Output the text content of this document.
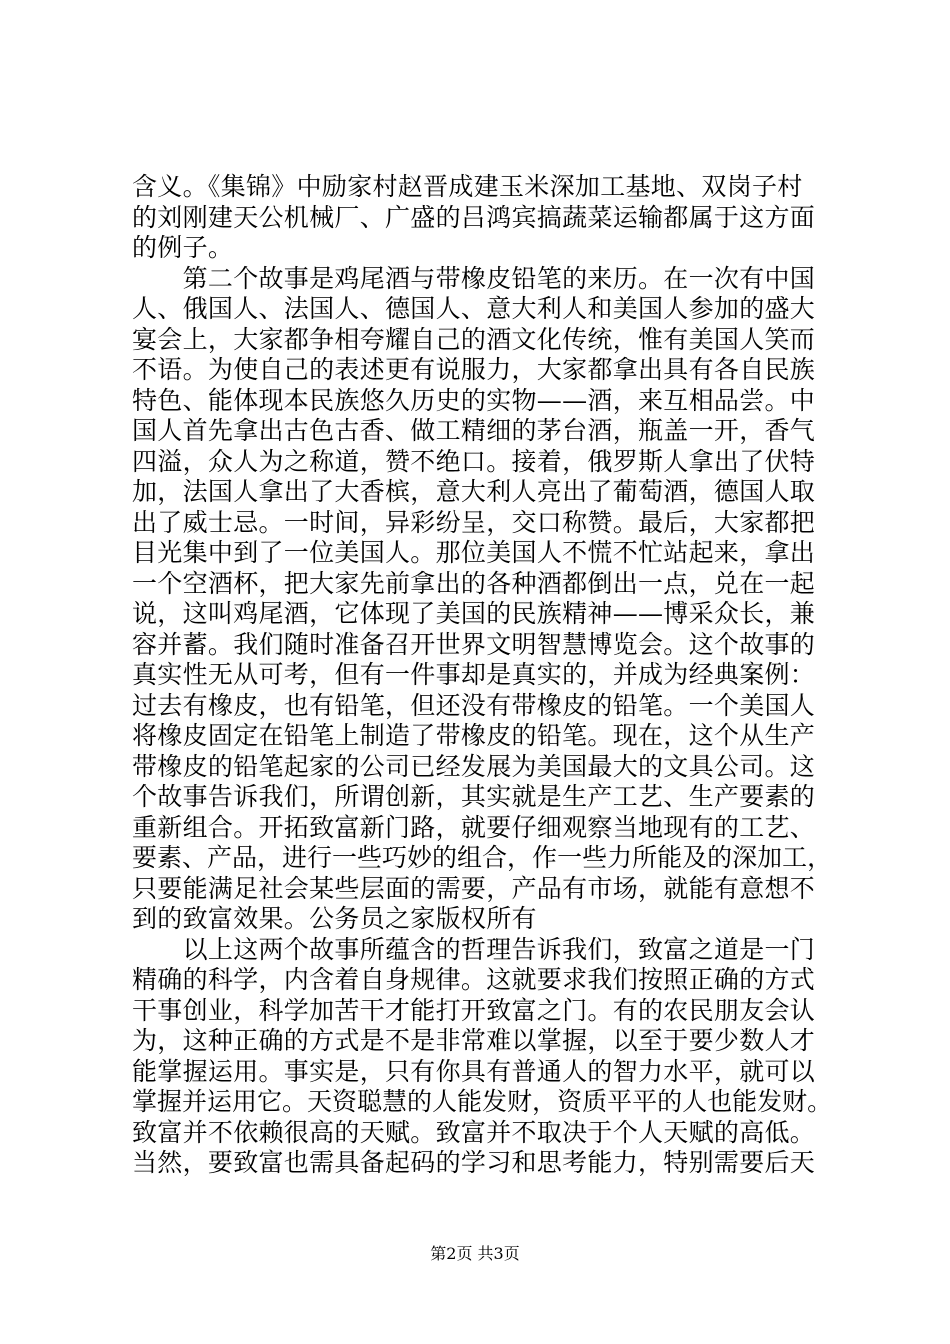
含义。《集锦》中励家村赵晋成建玉米深加工基地、双岗子村
的刘刚建天公机械厂、广盛的吕鸿宾搞蔬菜运输都属于这方面
的例子。
　　第二个故事是鸡尾酒与带橡皮铅笔的来历。在一次有中国
人、俄国人、法国人、德国人、意大利人和美国人参加的盛大
宴会上，大家都争相夸耀自己的酒文化传统，惟有美国人笑而
不语。为使自己的表述更有说服力，大家都拿出具有各自民族
特色、能体现本民族悠久历史的实物——酒，来互相品尝。中
国人首先拿出古色古香、做工精细的茅台酒，瓶盖一开，香气
四溢，众人为之称道，赞不绝口。接着，俄罗斯人拿出了伏特
加，法国人拿出了大香槟，意大利人亮出了葡萄酒，德国人取
出了威士忌。一时间，异彩纷呈，交口称赞。最后，大家都把
目光集中到了一位美国人。那位美国人不慌不忙站起来，拿出
一个空酒杯，把大家先前拿出的各种酒都倒出一点，兑在一起
说，这叫鸡尾酒，它体现了美国的民族精神——博采众长，兼
容并蓄。我们随时准备召开世界文明智慧博览会。这个故事的
真实性无从可考，但有一件事却是真实的，并成为经典案例：
过去有橡皮，也有铅笔，但还没有带橡皮的铅笔。一个美国人
将橡皮固定在铅笔上制造了带橡皮的铅笔。现在，这个从生产
带橡皮的铅笔起家的公司已经发展为美国最大的文具公司。这
个故事告诉我们，所谓创新，其实就是生产工艺、生产要素的
重新组合。开拓致富新门路，就要仔细观察当地现有的工艺、
要素、产品，进行一些巧妙的组合，作一些力所能及的深加工，
只要能满足社会某些层面的需要，产品有市场，就能有意想不
到的致富效果。公务员之家版权所有
　　以上这两个故事所蕴含的哲理告诉我们，致富之道是一门
精确的科学，内含着自身规律。这就要求我们按照正确的方式
干事创业，科学加苦干才能打开致富之门。有的农民朋友会认
为，这种正确的方式是不是非常难以掌握，以至于要少数人才
能掌握运用。事实是，只有你具有普通人的智力水平，就可以
掌握并运用它。天资聪慧的人能发财，资质平平的人也能发财。
致富并不依赖很高的天赋。致富并不取决于个人天赋的高低。
当然，要致富也需具备起码的学习和思考能力，特别需要后天
第2页 共3页
